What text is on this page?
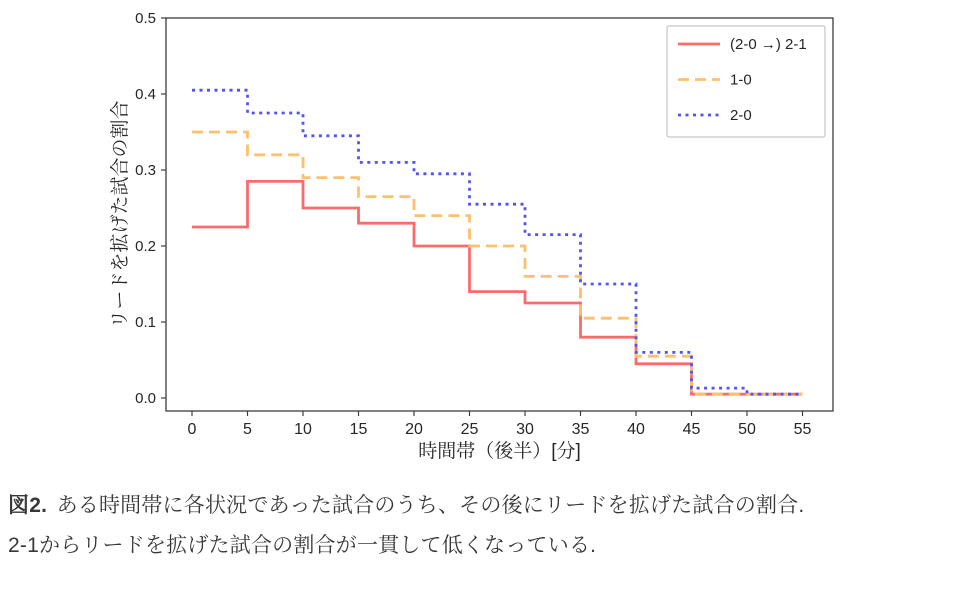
0	5	10 15 20 25 30 35 40 45 50 55
0.0
0.1
0.2
0.3
0.4
0.5
時間帯（後半）[分]
リードを拡げた試合の割合
(2-0 →) 2-1
1-0
2-0
図2. ある時間帯に各状況であった試合のうち、その後にリードを拡げた試合の割合.
2-1からリードを拡げた試合の割合が一貫して低くなっている.
